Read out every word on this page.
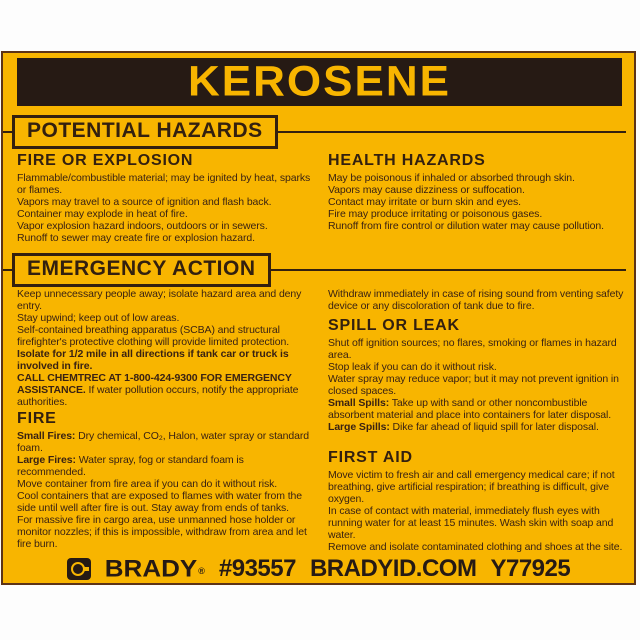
KEROSENE
POTENTIAL HAZARDS
FIRE OR EXPLOSION
Flammable/combustible material; may be ignited by heat, sparks or flames.
Vapors may travel to a source of ignition and flash back.
Container may explode in heat of fire.
Vapor explosion hazard indoors, outdoors or in sewers.
Runoff to sewer may create fire or explosion hazard.
HEALTH HAZARDS
May be poisonous if inhaled or absorbed through skin.
Vapors may cause dizziness or suffocation.
Contact may irritate or burn skin and eyes.
Fire may produce irritating or poisonous gases.
Runoff from fire control or dilution water may cause pollution.
EMERGENCY ACTION
Keep unnecessary people away; isolate hazard area and deny entry.
Stay upwind; keep out of low areas.
Self-contained breathing apparatus (SCBA) and structural firefighter's protective clothing will provide limited protection.
Isolate for 1/2 mile in all directions if tank car or truck is involved in fire.
CALL CHEMTREC AT 1-800-424-9300 FOR EMERGENCY ASSISTANCE. If water pollution occurs, notify the appropriate authorities.
FIRE
Small Fires: Dry chemical, CO₂, Halon, water spray or standard foam.
Large Fires: Water spray, fog or standard foam is recommended.
Move container from fire area if you can do it without risk.
Cool containers that are exposed to flames with water from the side until well after fire is out. Stay away from ends of tanks.
For massive fire in cargo area, use unmanned hose holder or monitor nozzles; if this is impossible, withdraw from area and let fire burn.
Withdraw immediately in case of rising sound from venting safety device or any discoloration of tank due to fire.
SPILL OR LEAK
Shut off ignition sources; no flares, smoking or flames in hazard area.
Stop leak if you can do it without risk.
Water spray may reduce vapor; but it may not prevent ignition in closed spaces.
Small Spills: Take up with sand or other noncombustible absorbent material and place into containers for later disposal.
Large Spills: Dike far ahead of liquid spill for later disposal.
FIRST AID
Move victim to fresh air and call emergency medical care; if not breathing, give artificial respiration; if breathing is difficult, give oxygen.
In case of contact with material, immediately flush eyes with running water for at least 15 minutes. Wash skin with soap and water.
Remove and isolate contaminated clothing and shoes at the site.
BRADY ® #93557 BRADYID.COM Y77925
